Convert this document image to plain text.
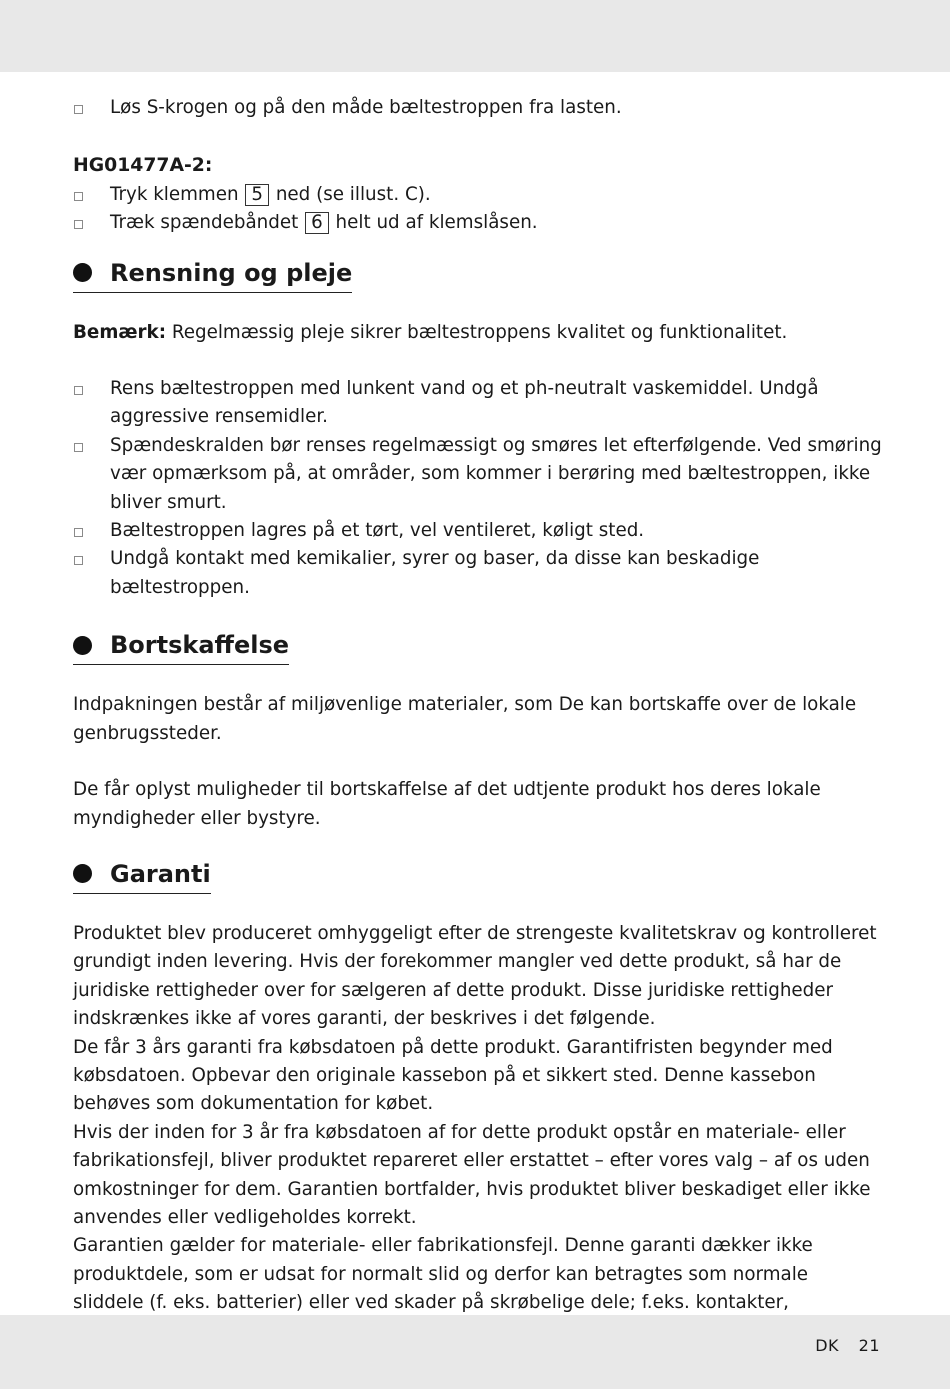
Løs S-krogen og på den måde bæltestroppen fra lasten.
HG01477A-2:
Tryk klemmen 5 ned (se illust. C).
Træk spændebåndet 6 helt ud af klemslåsen.
Rensning og pleje
Bemærk: Regelmæssig pleje sikrer bæltestroppens kvalitet og funktionalitet.
Rens bæltestroppen med lunkent vand og et ph-neutralt vaskemiddel. Undgå aggressive rensemidler.
Spændeskralden bør renses regelmæssigt og smøres let efterfølgende. Ved smøring vær opmærksom på, at områder, som kommer i berøring med bæltestroppen, ikke bliver smurt.
Bæltestroppen lagres på et tørt, vel ventileret, køligt sted.
Undgå kontakt med kemikalier, syrer og baser, da disse kan beskadige bæltestroppen.
Bortskaffelse
Indpakningen består af miljøvenlige materialer, som De kan bortskaffe over de lokale genbrugssteder.
De får oplyst muligheder til bortskaffelse af det udtjente produkt hos deres lokale myndigheder eller bystyre.
Garanti
Produktet blev produceret omhyggeligt efter de strengeste kvalitetskrav og kontrolleret grundigt inden levering. Hvis der forekommer mangler ved dette produkt, så har de juridiske rettigheder over for sælgeren af dette produkt. Disse juridiske rettigheder indskrænkes ikke af vores garanti, der beskrives i det følgende.
De får 3 års garanti fra købsdatoen på dette produkt. Garantifristen begynder med købsdatoen. Opbevar den originale kassebon på et sikkert sted. Denne kassebon behøves som dokumentation for købet.
Hvis der inden for 3 år fra købsdatoen af for dette produkt opstår en materiale- eller fabrikationsfejl, bliver produktet repareret eller erstattet – efter vores valg – af os uden omkostninger for dem. Garantien bortfalder, hvis produktet bliver beskadiget eller ikke anvendes eller vedligeholdes korrekt.
Garantien gælder for materiale- eller fabrikationsfejl. Denne garanti dækker ikke produktdele, som er udsat for normalt slid og derfor kan betragtes som normale sliddele (f. eks. batterier) eller ved skader på skrøbelige dele; f.eks. kontakter,
DK 21
